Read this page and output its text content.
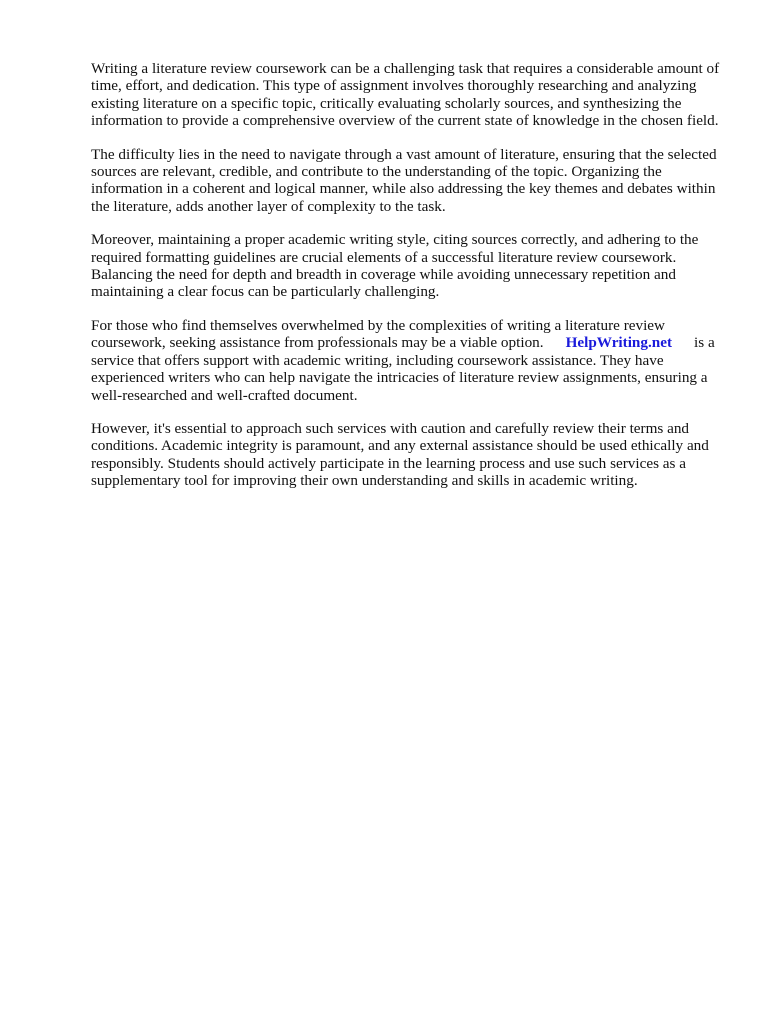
Writing a literature review coursework can be a challenging task that requires a considerable amount of time, effort, and dedication. This type of assignment involves thoroughly researching and analyzing existing literature on a specific topic, critically evaluating scholarly sources, and synthesizing the information to provide a comprehensive overview of the current state of knowledge in the chosen field.

The difficulty lies in the need to navigate through a vast amount of literature, ensuring that the selected sources are relevant, credible, and contribute to the understanding of the topic. Organizing the information in a coherent and logical manner, while also addressing the key themes and debates within the literature, adds another layer of complexity to the task.

Moreover, maintaining a proper academic writing style, citing sources correctly, and adhering to the required formatting guidelines are crucial elements of a successful literature review coursework. Balancing the need for depth and breadth in coverage while avoiding unnecessary repetition and maintaining a clear focus can be particularly challenging.

For those who find themselves overwhelmed by the complexities of writing a literature review coursework, seeking assistance from professionals may be a viable option. HelpWriting.net is a service that offers support with academic writing, including coursework assistance. They have experienced writers who can help navigate the intricacies of literature review assignments, ensuring a well-researched and well-crafted document.

However, it's essential to approach such services with caution and carefully review their terms and conditions. Academic integrity is paramount, and any external assistance should be used ethically and responsibly. Students should actively participate in the learning process and use such services as a supplementary tool for improving their own understanding and skills in academic writing.
